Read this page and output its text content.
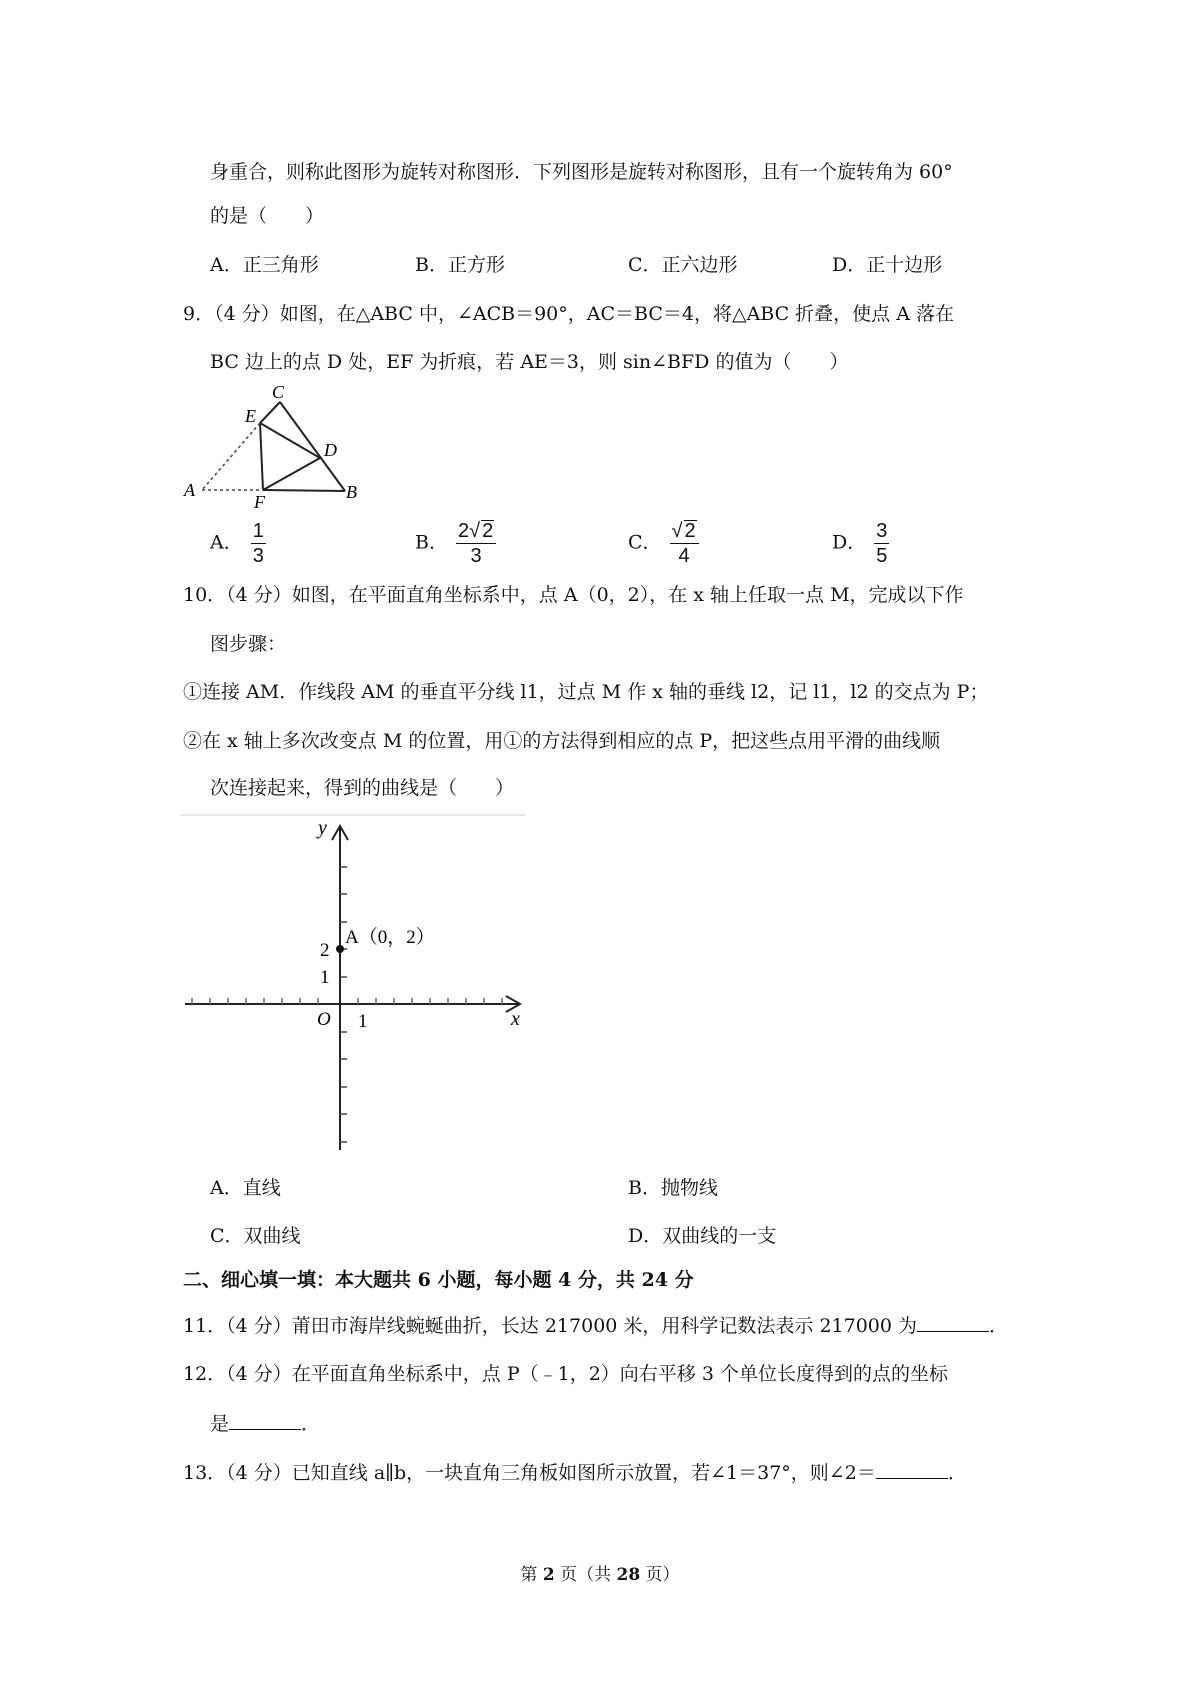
身重合，则称此图形为旋转对称图形．下列图形是旋转对称图形，且有一个旋转角为 60°
的是（　　）
A．正三角形	B．正方形	C．正六边形	D．正十边形
9．（4 分）如图，在△ABC 中，∠ACB＝90°，AC＝BC＝4，将△ABC 折叠，使点 A 落在
BC 边上的点 D 处，EF 为折痕，若 AE＝3，则 sin∠BFD 的值为（　　）
C
E
D
A
F	B
A． $\frac{1}{3}$	B． $\frac{2√ 2}{3}$	C． $\frac{√ 2}{4}$	D． $\frac{3}{5}$
10．（4 分）如图，在平面直角坐标系中，点 A（0，2），在 x 轴上任取一点 M，完成以下作
图步骤：
①连接 AM．作线段 AM 的垂直平分线 l1，过点 M 作 x 轴的垂线 l2，记 l1，l2 的交点为 P；
②在 x 轴上多次改变点 M 的位置，用①的方法得到相应的点 P，把这些点用平滑的曲线顺
次连接起来，得到的曲线是（　　）
y
x
O
2
1
1
A（0，2）
A．直线	B．抛物线
C．双曲线	D．双曲线的一支
二、细心填一填：本大题共 6 小题，每小题 4 分，共 24 分
11．（4 分）莆田市海岸线蜿蜒曲折，长达 217000 米，用科学记数法表示 217000 为	．
12．（4 分）在平面直角坐标系中，点 P（﹣1，2）向右平移 3 个单位长度得到的点的坐标
是	．
13．（4 分）已知直线 a∥b，一块直角三角板如图所示放置，若∠1＝37°，则∠2＝	．
第 2 页（共 28 页）
